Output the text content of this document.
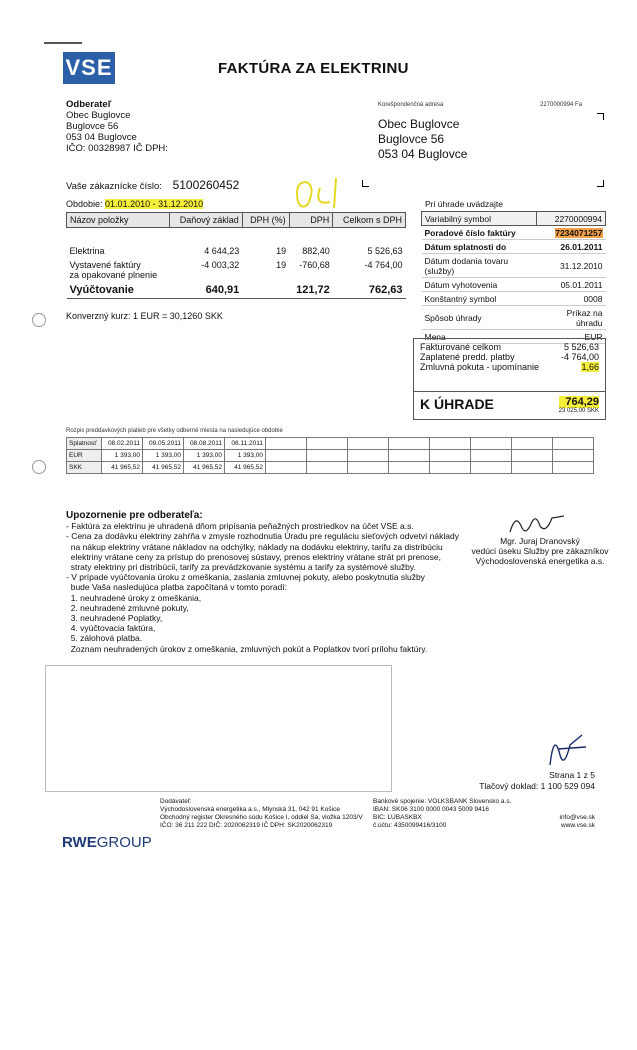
VSE	FAKTÚRA ZA ELEKTRINU
Odberateľ
Obec Buglovce
Buglovce 56
053 04 Buglovce
IČO: 00328987 IČ DPH:
Korešpondenčná adresa	2270000994 Fa
Obec Buglovce
Buglovce 56
053 04 Buglovce
Vaše zákaznícke číslo: 5100260452
Obdobie: 01.01.2010 - 31.12.2010
Názov položky	Daňový základ	DPH (%)	DPH	Celkom s DPH

Elektrina	4 644,23	19	882,40	5 526,63
Vystavené faktúry
za opakované plnenie	-4 003,32	19	-760,68	-4 764,00
Vyúčtovanie	640,91		121,72	762,63
Konverzný kurz: 1 EUR = 30,1260 SKK
Pri úhrade uvádzajte
Variabilný symbol	2270000994
Poradové číslo faktúry	7234071257
Dátum splatnosti do	26.01.2011
Dátum dodania tovaru (služby)	31.12.2010
Dátum vyhotovenia	05.01.2011
Konštantný symbol	0008
Spôsob úhrady	Príkaz na úhradu
Mena	EUR
Fakturované celkom	5 526,63
Zaplatené predd. platby	-4 764,00
Zmluvná pokuta - upomínanie	1,66
K ÚHRADE	764,29
23 025,00 SKK
Rozpis preddavkových platieb pre všetky odberné miesta na nasledujúce obdobie
Splatnosť	08.02.2011	09.05.2011	08.08.2011	08.11.2011								
EUR	1 393,00	1 393,00	1 393,00	1 393,00								
SKK	41 965,52	41 965,52	41 965,52	41 965,52								
Upozornenie pre odberateľa:
- Faktúra za elektrinu je uhradená dňom pripísania peňažných prostriedkov na účet VSE a.s.
- Cena za dodávku elektriny zahŕňa v zmysle rozhodnutia Úradu pre reguláciu sieťových odvetví náklady
na nákup elektriny vrátane nákladov na odchýlky, náklady na dodávku elektriny, tarifu za distribúciu
elektriny vrátane ceny za prístup do prenosovej sústavy, prenos elektriny vrátane strát pri prenose,
straty elektriny pri distribúcii, tarify za prevádzkovanie systému a tarify za systémové služby.
- V prípade vyúčtovania úroku z omeškania, zaslania zmluvnej pokuty, alebo poskytnutia služby
bude Vaša nasledujúca platba započítaná v tomto poradí:
1. neuhradené úroky z omeškania,
2. neuhradené zmluvné pokuty,
3. neuhradené Poplatky,
4. vyúčtovacia faktúra,
5. zálohová platba.
Zoznam neuhradených úrokov z omeškania, zmluvných pokút a Poplatkov tvorí prílohu faktúry.
Mgr. Juraj Dranovský
vedúci úseku Služby pre zákazníkov
Východoslovenská energetika a.s.
Strana 1 z 5
Tlačový doklad: 1 100 529 094
Dodávateľ:
Východoslovenská energetika a.s., Mlynská 31, 042 91 Košice
Obchodný register Okresného súdu Košice I, oddiel Sa, vložka 1203/V
IČO: 36 211 222 DIČ: 2020062319 IČ DPH: SK2020062319
Bankové spojenie: VOLKSBANK Slovensko a.s.
IBAN: SK06 3100 0000 0043 5009 9416
BIC: LUBASKBX
č.účtu: 4350099416/3100
info@vse.sk
www.vse.sk
RWEGROUP
